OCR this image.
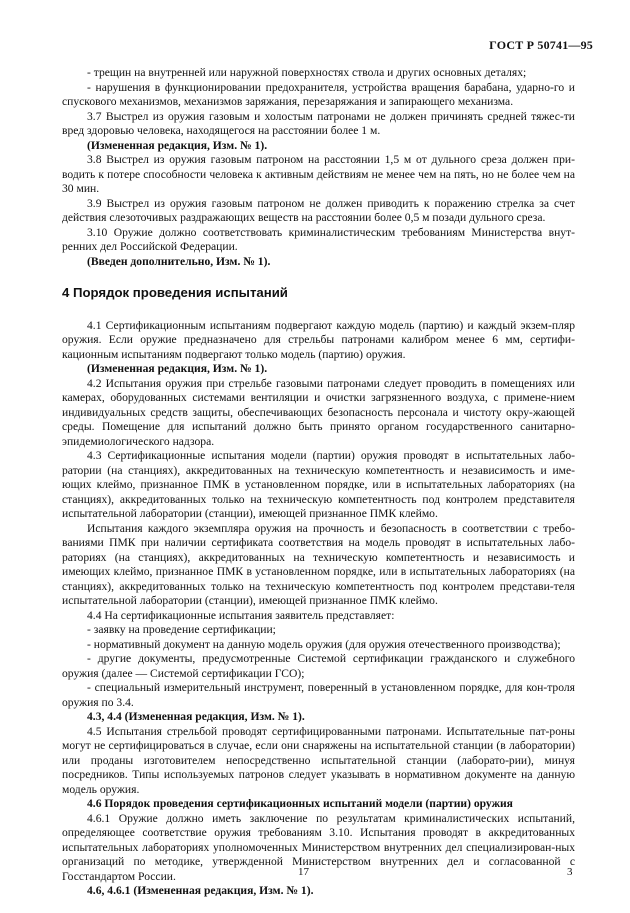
ГОСТ Р 50741—95

- трещин на внутренней или наружной поверхностях ствола и других основных деталях;

- нарушения в функционировании предохранителя, устройства вращения барабана, ударно-го и спускового механизмов, механизмов заряжания, перезаряжания и запирающего механизма.

3.7 Выстрел из оружия газовым и холостым патронами не должен причинять средней тяжес-ти вред здоровью человека, находящегося на расстоянии более 1 м.

(Измененная редакция, Изм. № 1).

3.8 Выстрел из оружия газовым патроном на расстоянии 1,5 м от дульного среза должен при-водить к потере способности человека к активным действиям не менее чем на пять, но не более чем на 30 мин.

3.9 Выстрел из оружия газовым патроном не должен приводить к поражению стрелка за счет действия слезоточивых раздражающих веществ на расстоянии более 0,5 м позади дульного среза.

3.10 Оружие должно соответствовать криминалистическим требованиям Министерства внут-ренних дел Российской Федерации.

(Введен дополнительно, Изм. № 1).

4 Порядок проведения испытаний

4.1 Сертификационным испытаниям подвергают каждую модель (партию) и каждый экзем-пляр оружия. Если оружие предназначено для стрельбы патронами калибром менее 6 мм, сертифи-кационным испытаниям подвергают только модель (партию) оружия.

(Измененная редакция, Изм. № 1).

4.2 Испытания оружия при стрельбе газовыми патронами следует проводить в помещениях или камерах, оборудованных системами вентиляции и очистки загрязненного воздуха, с примене-нием индивидуальных средств защиты, обеспечивающих безопасность персонала и чистоту окру-жающей среды. Помещение для испытаний должно быть принято органом государственного санитарно-эпидемиологического надзора.

4.3 Сертификационные испытания модели (партии) оружия проводят в испытательных лабо-ратории (на станциях), аккредитованных на техническую компетентность и независимость и име-ющих клеймо, признанное ПМК в установленном порядке, или в испытательных лабораториях (на станциях), аккредитованных только на техническую компетентность под контролем представителя испытательной лаборатории (станции), имеющей признанное ПМК клеймо.

Испытания каждого экземпляра оружия на прочность и безопасность в соответствии с требо-ваниями ПМК при наличии сертификата соответствия на модель проводят в испытательных лабо-раториях (на станциях), аккредитованных на техническую компетентность и независимость и имеющих клеймо, признанное ПМК в установленном порядке, или в испытательных лабораториях (на станциях), аккредитованных только на техническую компетентность под контролем представи-теля испытательной лаборатории (станции), имеющей признанное ПМК клеймо.

4.4 На сертификационные испытания заявитель представляет:

- заявку на проведение сертификации;

- нормативный документ на данную модель оружия (для оружия отечественного производства);

- другие документы, предусмотренные Системой сертификации гражданского и служебного оружия (далее — Системой сертификации ГСО);

- специальный измерительный инструмент, поверенный в установленном порядке, для кон-троля оружия по 3.4.

4.3, 4.4 (Измененная редакция, Изм. № 1).

4.5 Испытания стрельбой проводят сертифицированными патронами. Испытательные пат-роны могут не сертифицироваться в случае, если они снаряжены на испытательной станции (в лаборатории) или проданы изготовителем непосредственно испытательной станции (лаборато-рии), минуя посредников. Типы используемых патронов следует указывать в нормативном документе на данную модель оружия.

4.6 Порядок проведения сертификационных испытаний модели (партии) оружия

4.6.1 Оружие должно иметь заключение по результатам криминалистических испытаний, определяющее соответствие оружия требованиям 3.10. Испытания проводят в аккредитованных испытательных лабораториях уполномоченных Министерством внутренних дел специализирован-ных организаций по методике, утвержденной Министерством внутренних дел и согласованной с Госстандартом России.

4.6, 4.6.1 (Измененная редакция, Изм. № 1).

17	3
